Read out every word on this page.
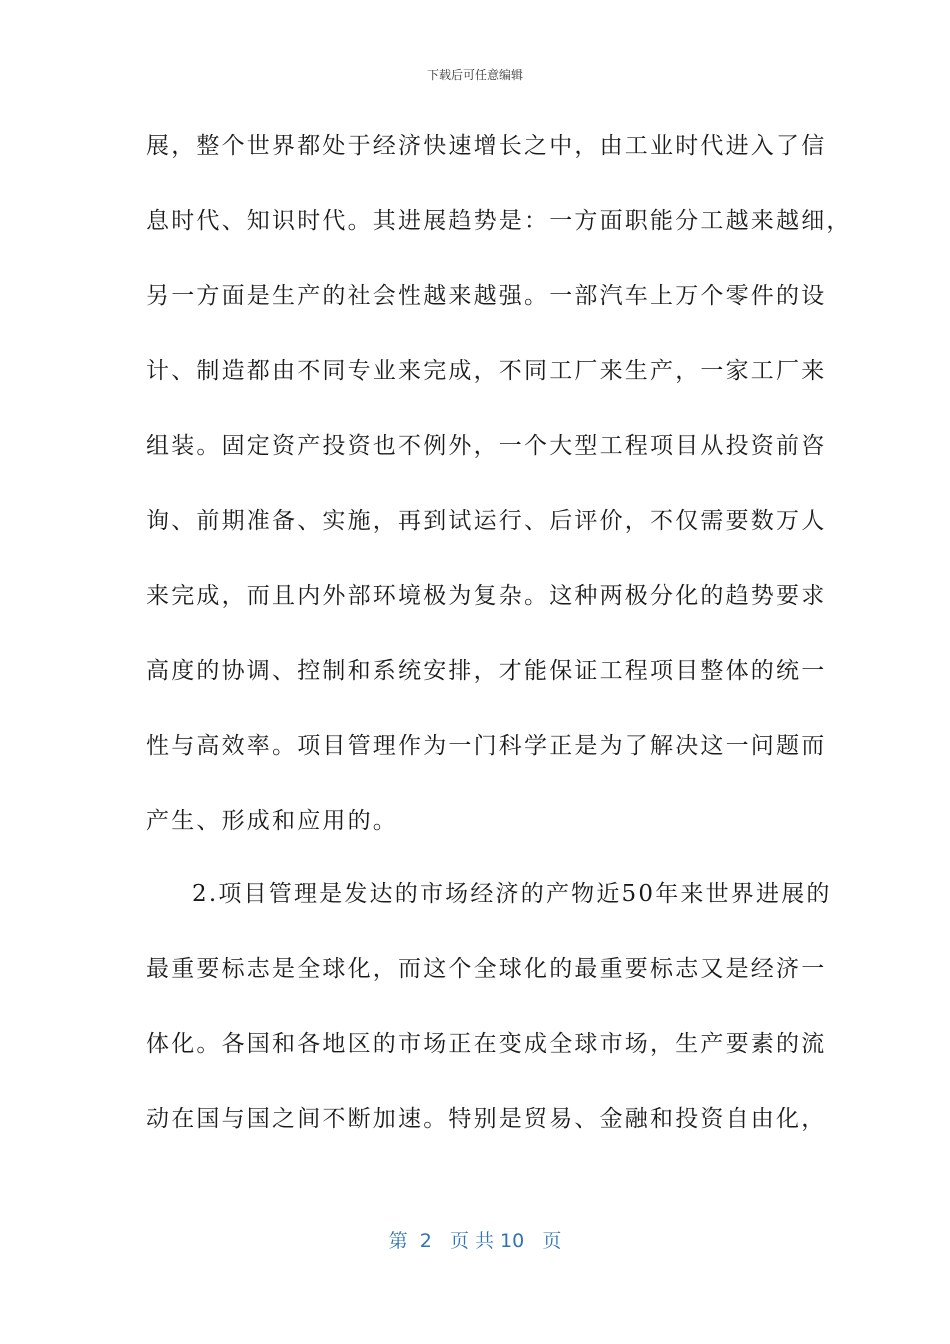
下载后可任意编辑
展，整个世界都处于经济快速增长之中，由工业时代进入了信
息时代、知识时代。其进展趋势是：一方面职能分工越来越细，
另一方面是生产的社会性越来越强。一部汽车上万个零件的设
计、制造都由不同专业来完成，不同工厂来生产，一家工厂来
组装。固定资产投资也不例外，一个大型工程项目从投资前咨
询、前期准备、实施，再到试运行、后评价，不仅需要数万人
来完成，而且内外部环境极为复杂。这种两极分化的趋势要求
高度的协调、控制和系统安排，才能保证工程项目整体的统一
性与高效率。项目管理作为一门科学正是为了解决这一问题而
产生、形成和应用的。
2.项目管理是发达的市场经济的产物近50年来世界进展的
最重要标志是全球化，而这个全球化的最重要标志又是经济一
体化。各国和各地区的市场正在变成全球市场，生产要素的流
动在国与国之间不断加速。特别是贸易、金融和投资自由化，
第  2   页 共 10   页
